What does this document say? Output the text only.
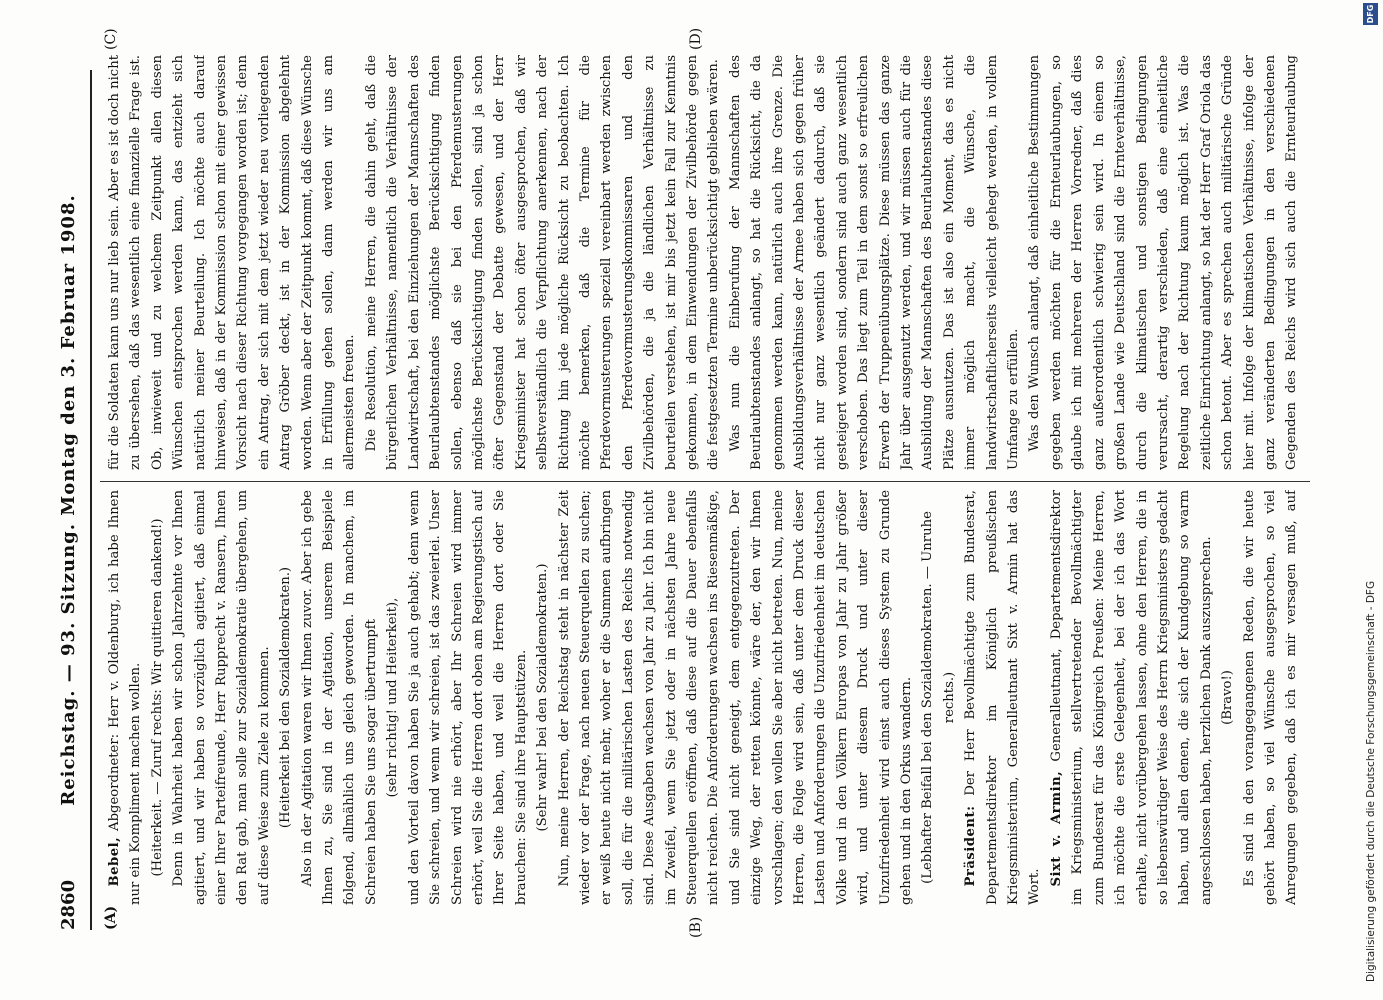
2860
Reichstag. — 93. Sitzung. Montag den 3. Februar 1908.
(A)	(B)
(C)	(D)

Bebel, Abgeordneter: Herr v. Oldenburg, ich habe Ihnen nur ein Kompliment machen wollen. (Heiterkeit. — Zuruf rechts: Wir quittieren dankend!) Denn in Wahrheit haben wir schon Jahrzehnte vor Ihnen agitiert, und wir haben so vorzüglich agitiert, daß einmal einer Ihrer Parteifreunde, Herr Rupprecht v. Ransern, Ihnen den Rat gab, man solle zur Sozialdemokratie übergehen, um auf diese Weise zum Ziele zu kommen. (Heiterkeit bei den Sozialdemokraten.) Also in der Agitation waren wir Ihnen zuvor. Aber ich gebe Ihnen zu, Sie sind in der Agitation, unserem Beispiele folgend, allmählich uns gleich geworden. In manchem, im Schreien haben Sie uns sogar übertrumpft (sehr richtig! und Heiterkeit), und den Vorteil davon haben Sie ja auch gehabt; denn wenn Sie schreien, und wenn wir schreien, ist das zweierlei. Unser Schreien wird nie erhört, aber Ihr Schreien wird immer erhört, weil Sie die Herren dort oben am Regierungstisch auf Ihrer Seite haben, und weil die Herren dort oder Sie brauchen: Sie sind ihre Hauptstützen. (Sehr wahr! bei den Sozialdemokraten.) Nun, meine Herren, der Reichstag steht in nächster Zeit wieder vor der Frage, nach neuen Steuerquellen zu suchen; er weiß heute nicht mehr, woher er die Summen aufbringen soll, die für die militärischen Lasten des Reichs notwendig sind. Diese Ausgaben wachsen von Jahr zu Jahr. Ich bin nicht im Zweifel, wenn Sie jetzt oder in nächsten Jahre neue Steuerquellen eröffnen, daß diese auf die Dauer ebenfalls nicht reichen. Die Anforderungen wachsen ins Riesenmäßige, und Sie sind nicht geneigt, dem entgegenzutreten. Der einzige Weg, der retten könnte, wäre der, den wir Ihnen vorschlagen; den wollen Sie aber nicht betreten. Nun, meine Herren, die Folge wird sein, daß unter dem Druck dieser Lasten und Anforderungen die Unzufriedenheit im deutschen Volke und in den Völkern Europas von Jahr zu Jahr größer wird, und unter diesem Druck und unter dieser Unzufriedenheit wird einst auch dieses System zu Grunde gehen und in den Orkus wandern. (Lebhafter Beifall bei den Sozialdemokraten. — Unruhe rechts.)

Präsident: Der Herr Bevollmächtigte zum Bundesrat, Departementsdirektor im Königlich preußischen Kriegsministerium, Generalleutnant Sixt v. Armin hat das Wort.

Sixt v. Armin, Generalleutnant, Departementsdirektor im Kriegsministerium, stellvertretender Bevollmächtigter zum Bundesrat für das Königreich Preußen: Meine Herren, ich möchte die erste Gelegenheit, bei der ich das Wort erhalte, nicht vorübergehen lassen, ohne den Herren, die in so liebenswürdiger Weise des Herrn Kriegsministers gedacht haben, und allen denen, die sich der Kundgebung so warm angeschlossen haben, herzlichen Dank auszusprechen. (Bravo!)

Es sind in den vorangegangenen Reden, die wir heute gehört haben, so viel Wünsche ausgesprochen, so viel Anregungen gegeben, daß ich es mir versagen muß, auf

für die Soldaten kann uns nur lieb sein. Aber es ist doch nicht zu übersehen, daß das wesentlich eine finanzielle Frage ist. Ob, inwieweit und zu welchem Zeitpunkt allen diesen Wünschen entsprochen werden kann, das entzieht sich natürlich meiner Beurteilung. Ich möchte auch darauf hinweisen, daß in der Kommission schon mit einer gewissen Vorsicht nach dieser Richtung vorgegangen worden ist; denn ein Antrag, der sich mit dem jetzt wieder neu vorliegenden Antrag Gröber deckt, ist in der Kommission abgelehnt worden. Wenn aber der Zeitpunkt kommt, daß diese Wünsche in Erfüllung gehen sollen, dann werden wir uns am allermeisten freuen. Die Resolution, meine Herren, die dahin geht, daß die bürgerlichen Verhältnisse, namentlich die Verhältnisse der Landwirtschaft, bei den Einziehungen der Mannschaften des Beurlaubtenstandes möglichste Berücksichtigung finden sollen, ebenso daß sie bei den Pferdemusterungen möglichste Berücksichtigung finden sollen, sind ja schon öfter Gegenstand der Debatte gewesen, und der Herr Kriegsminister hat schon öfter ausgesprochen, daß wir selbstverständlich die Verpflichtung anerkennen, nach der Richtung hin jede mögliche Rücksicht zu beobachten. Ich möchte bemerken, daß die Termine für die Pferdevormusterungen speziell vereinbart werden zwischen den Pferdevormusterungskommissaren und den Zivilbehörden, die ja die ländlichen Verhältnisse zu beurteilen verstehen, ist mir bis jetzt kein Fall zur Kenntnis gekommen, in dem Einwendungen der Zivilbehörde gegen die festgesetzten Termine unberücksichtigt geblieben wären. Was nun die Einberufung der Mannschaften des Beurlaubtenstandes anlangt, so hat die Rücksicht, die da genommen werden kann, natürlich auch ihre Grenze. Die Ausbildungsverhältnisse der Armee haben sich gegen früher nicht nur ganz wesentlich geändert dadurch, daß sie gesteigert worden sind, sondern sind auch ganz wesentlich verschoben. Das liegt zum Teil in dem sonst so erfreulichen Erwerb der Truppenübungsplätze. Diese müssen das ganze Jahr über ausgenutzt werden, und wir müssen auch für die Ausbildung der Mannschaften des Beurlaubtenstandes diese Plätze ausnutzen. Das ist also ein Moment, das es nicht immer möglich macht, die Wünsche, die landwirtschaftlicherseits vielleicht gehegt werden, in vollem Umfange zu erfüllen. Was den Wunsch anlangt, daß einheitliche Bestimmungen gegeben werden möchten für die Ernteurlaubungen, so glaube ich mit mehreren der Herren Vorredner, daß dies ganz außerordentlich schwierig sein wird. In einem so großen Lande wie Deutschland sind die Ernteverhältnisse, durch die klimatischen und sonstigen Bedingungen verursacht, derartig verschieden, daß eine einheitliche Regelung nach der Richtung kaum möglich ist. Was die zeitliche Einrichtung anlangt, so hat der Herr Graf Oriola das schon betont. Aber es sprechen auch militärische Gründe hier mit. Infolge der klimatischen Verhältnisse, infolge der ganz veränderten Bedingungen in den verschiedenen Gegenden des Reichs wird sich auch die Ernteurlaubung

Digitalisierung gefördert durch die Deutsche Forschungsgemeinschaft - DFG
DFG
